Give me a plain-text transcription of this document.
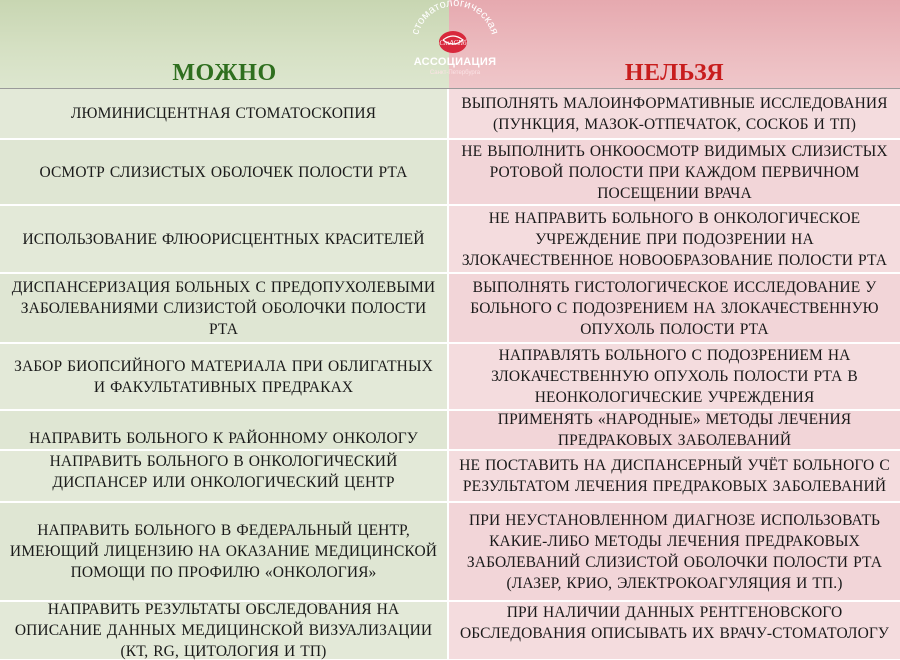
стоматологическая
СтАСПб
АССОЦИАЦИЯ
Санкт-Петербурга
МОЖНО	НЕЛЬЗЯ
ЛЮМИНИСЦЕНТНАЯ СТОМАТОСКОПИЯ
ВЫПОЛНЯТЬ МАЛОИНФОРМАТИВНЫЕ ИССЛЕДОВАНИЯ (ПУНКЦИЯ, МАЗОК-ОТПЕЧАТОК, СОСКОБ И ТП)
ОСМОТР СЛИЗИСТЫХ ОБОЛОЧЕК ПОЛОСТИ РТА
НЕ ВЫПОЛНИТЬ ОНКООСМОТР ВИДИМЫХ СЛИЗИСТЫХ РОТОВОЙ ПОЛОСТИ ПРИ КАЖДОМ ПЕРВИЧНОМ ПОСЕЩЕНИИ ВРАЧА
ИСПОЛЬЗОВАНИЕ ФЛЮОРИСЦЕНТНЫХ КРАСИТЕЛЕЙ
НЕ НАПРАВИТЬ БОЛЬНОГО В ОНКОЛОГИЧЕСКОЕ УЧРЕЖДЕНИЕ ПРИ ПОДОЗРЕНИИ НА ЗЛОКАЧЕСТВЕННОЕ НОВООБРАЗОВАНИЕ ПОЛОСТИ РТА
ДИСПАНСЕРИЗАЦИЯ БОЛЬНЫХ С ПРЕДОПУХОЛЕВЫМИ ЗАБОЛЕВАНИЯМИ СЛИЗИСТОЙ ОБОЛОЧКИ ПОЛОСТИ РТА
ВЫПОЛНЯТЬ ГИСТОЛОГИЧЕСКОЕ ИССЛЕДОВАНИЕ У БОЛЬНОГО С ПОДОЗРЕНИЕМ НА ЗЛОКАЧЕСТВЕННУЮ ОПУХОЛЬ ПОЛОСТИ РТА
ЗАБОР БИОПСИЙНОГО МАТЕРИАЛА ПРИ ОБЛИГАТНЫХ И ФАКУЛЬТАТИВНЫХ ПРЕДРАКАХ
НАПРАВЛЯТЬ БОЛЬНОГО С ПОДОЗРЕНИЕМ НА ЗЛОКАЧЕСТВЕННУЮ ОПУХОЛЬ ПОЛОСТИ РТА В НЕОНКОЛОГИЧЕСКИЕ УЧРЕЖДЕНИЯ
НАПРАВИТЬ БОЛЬНОГО К РАЙОННОМУ ОНКОЛОГУ
ПРИМЕНЯТЬ «НАРОДНЫЕ» МЕТОДЫ ЛЕЧЕНИЯ ПРЕДРАКОВЫХ ЗАБОЛЕВАНИЙ
НАПРАВИТЬ БОЛЬНОГО В ОНКОЛОГИЧЕСКИЙ ДИСПАНСЕР ИЛИ ОНКОЛОГИЧЕСКИЙ ЦЕНТР
НЕ ПОСТАВИТЬ НА ДИСПАНСЕРНЫЙ УЧЁТ БОЛЬНОГО С РЕЗУЛЬТАТОМ ЛЕЧЕНИЯ ПРЕДРАКОВЫХ ЗАБОЛЕВАНИЙ
НАПРАВИТЬ БОЛЬНОГО В ФЕДЕРАЛЬНЫЙ ЦЕНТР, ИМЕЮЩИЙ ЛИЦЕНЗИЮ НА ОКАЗАНИЕ МЕДИЦИНСКОЙ ПОМОЩИ ПО ПРОФИЛЮ «ОНКОЛОГИЯ»
ПРИ НЕУСТАНОВЛЕННОМ ДИАГНОЗЕ ИСПОЛЬЗОВАТЬ КАКИЕ-ЛИБО МЕТОДЫ ЛЕЧЕНИЯ ПРЕДРАКОВЫХ ЗАБОЛЕВАНИЙ СЛИЗИСТОЙ ОБОЛОЧКИ ПОЛОСТИ РТА (ЛАЗЕР, КРИО, ЭЛЕКТРОКОАГУЛЯЦИЯ И ТП.)
НАПРАВИТЬ РЕЗУЛЬТАТЫ ОБСЛЕДОВАНИЯ НА ОПИСАНИЕ ДАННЫХ МЕДИЦИНСКОЙ ВИЗУАЛИЗАЦИИ (КТ, RG, ЦИТОЛОГИЯ И ТП)
ПРИ НАЛИЧИИ ДАННЫХ РЕНТГЕНОВСКОГО ОБСЛЕДОВАНИЯ ОПИСЫВАТЬ ИХ ВРАЧУ-СТОМАТОЛОГУ
